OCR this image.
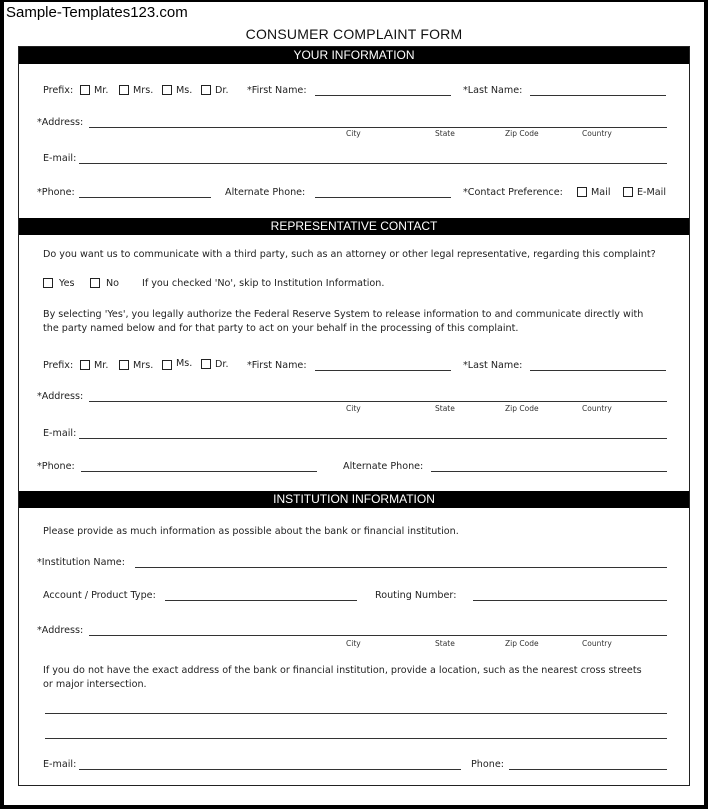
Sample-Templates123.com
CONSUMER COMPLAINT FORM
YOUR INFORMATION
Prefix: Mr.	Mrs. Ms. Dr. *First Name:	*Last Name:
*Address:
City	State	Zip Code	Country
E-mail:
*Phone:	Alternate Phone:	*Contact Preference:	Mail	E-Mail
REPRESENTATIVE CONTACT
Do you want us to communicate with a third party, such as an attorney or other legal representative, regarding this complaint?
Yes	No If you checked 'No', skip to Institution Information.
By selecting 'Yes', you legally authorize the Federal Reserve System to release information to and communicate directly with
the party named below and for that party to act on your behalf in the processing of this complaint.
Prefix: Mr.	Mrs. Ms. Dr. *First Name:	*Last Name:
*Address:
City	State	Zip Code	Country
E-mail:
*Phone:	Alternate Phone:
INSTITUTION INFORMATION
Please provide as much information as possible about the bank or financial institution.
*Institution Name:
Account / Product Type:	Routing Number:
*Address:
City	State	Zip Code	Country
If you do not have the exact address of the bank or financial institution, provide a location, such as the nearest cross streets
or major intersection.
E-mail:	Phone:
